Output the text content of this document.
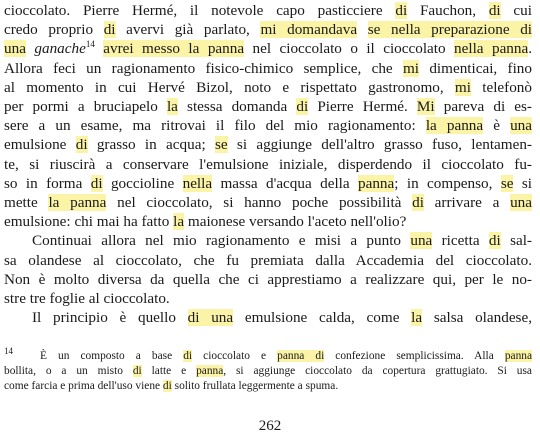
cioccolato. Pierre Hermé, il notevole capo pasticciere di Fauchon, di cui
credo proprio di avervi già parlato, mi domandava se nella preparazione di
una ganache$^{14}$ avrei messo la panna nel cioccolato o il cioccolato nella panna.
Allora feci un ragionamento fisico-chimico semplice, che mi dimenticai, fino
al momento in cui Hervé Bizol, noto e rispettato gastronomo, mi telefonò
per pormi a bruciapelo la stessa domanda di Pierre Hermé. Mi pareva di es-
sere a un esame, ma ritrovai il filo del mio ragionamento: la panna è una
emulsione di grasso in acqua; se si aggiunge dell'altro grasso fuso, lentamen-
te, si riuscirà a conservare l'emulsione iniziale, disperdendo il cioccolato fu-
so in forma di goccioline nella massa d'acqua della panna; in compenso, se si
mette la panna nel cioccolato, si hanno poche possibilità di arrivare a una
emulsione: chi mai ha fatto la maionese versando l'aceto nell'olio?
Continuai allora nel mio ragionamento e misi a punto una ricetta di sal-
sa olandese al cioccolato, che fu premiata dalla Accademia del cioccolato.
Non è molto diversa da quella che ci apprestiamo a realizzare qui, per le no-
stre tre foglie al cioccolato.
Il principio è quello di una emulsione calda, come la salsa olandese,
14 È un composto a base di cioccolato e panna di confezione semplicissima. Alla panna
bollita, o a un misto di latte e panna, si aggiunge cioccolato da copertura grattugiato. Si usa
come farcia e prima dell'uso viene di solito frullata leggermente a spuma.
262
